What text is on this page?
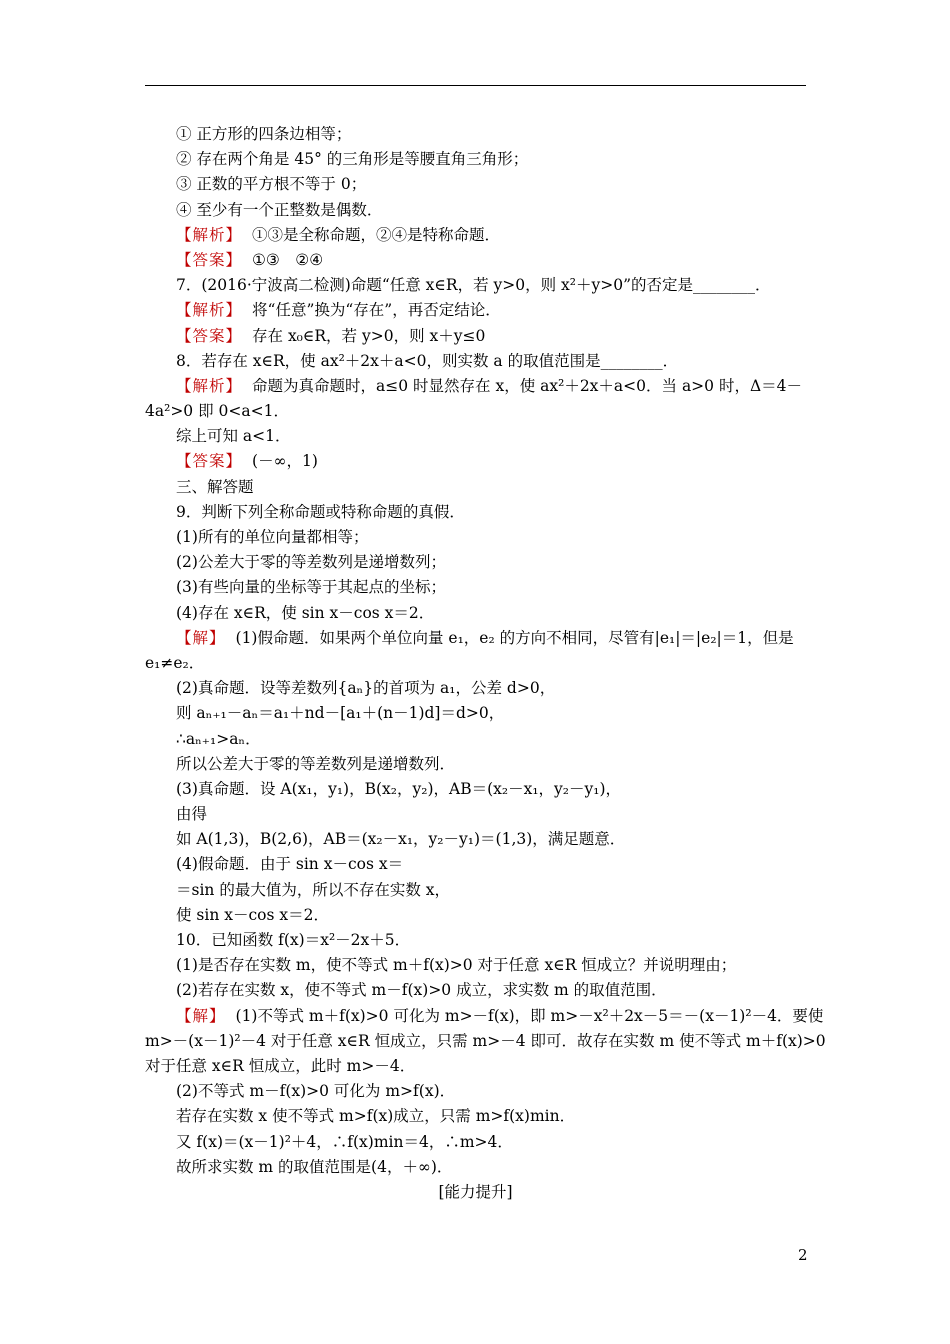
① 正方形的四条边相等；
② 存在两个角是 45° 的三角形是等腰直角三角形；
③ 正数的平方根不等于 0；
④ 至少有一个正整数是偶数．
【解析】 ①③是全称命题，②④是特称命题．
【答案】 ①③　②④
7．(2016·宁波高二检测)命题“任意 x∈R，若 y>0，则 x²＋y>0”的否定是________．
【解析】 将“任意”换为“存在”，再否定结论．
【答案】 存在 x₀∈R，若 y>0，则 x＋y≤0
8．若存在 x∈R，使 ax²＋2x＋a<0，则实数 a 的取值范围是________．
【解析】 命题为真命题时，a≤0 时显然存在 x，使 ax²＋2x＋a<0．当 a>0 时，Δ＝4－
4a²>0 即 0<a<1．
综上可知 a<1．
【答案】 (－∞，1)
三、解答题
9．判断下列全称命题或特称命题的真假．
(1)所有的单位向量都相等；
(2)公差大于零的等差数列是递增数列；
(3)有些向量的坐标等于其起点的坐标；
(4)存在 x∈R，使 sin x－cos x＝2．
【解】 (1)假命题．如果两个单位向量 e₁，e₂ 的方向不相同，尽管有|e₁|＝|e₂|＝1，但是
e₁≠e₂．
(2)真命题．设等差数列{aₙ}的首项为 a₁，公差 d>0，
则 aₙ₊₁－aₙ＝a₁＋nd－[a₁＋(n－1)d]＝d>0，
∴aₙ₊₁>aₙ．
所以公差大于零的等差数列是递增数列．
(3)真命题．设 A(x₁，y₁)，B(x₂，y₂)，AB＝(x₂－x₁，y₂－y₁)，
由得
如 A(1,3)，B(2,6)，AB＝(x₂－x₁，y₂－y₁)＝(1,3)，满足题意．
(4)假命题．由于 sin x－cos x＝
＝sin 的最大值为，所以不存在实数 x，
使 sin x－cos x＝2．
10．已知函数 f(x)＝x²－2x＋5．
(1)是否存在实数 m，使不等式 m＋f(x)>0 对于任意 x∈R 恒成立？并说明理由；
(2)若存在实数 x，使不等式 m－f(x)>0 成立，求实数 m 的取值范围．
【解】 (1)不等式 m＋f(x)>0 可化为 m>－f(x)，即 m>－x²＋2x－5＝－(x－1)²－4．要使
m>－(x－1)²－4 对于任意 x∈R 恒成立，只需 m>－4 即可．故存在实数 m 使不等式 m＋f(x)>0
对于任意 x∈R 恒成立，此时 m>－4．
(2)不等式 m－f(x)>0 可化为 m>f(x)．
若存在实数 x 使不等式 m>f(x)成立，只需 m>f(x)min．
又 f(x)＝(x－1)²＋4，∴f(x)min＝4，∴m>4．
故所求实数 m 的取值范围是(4，＋∞)．
[能力提升]
2
